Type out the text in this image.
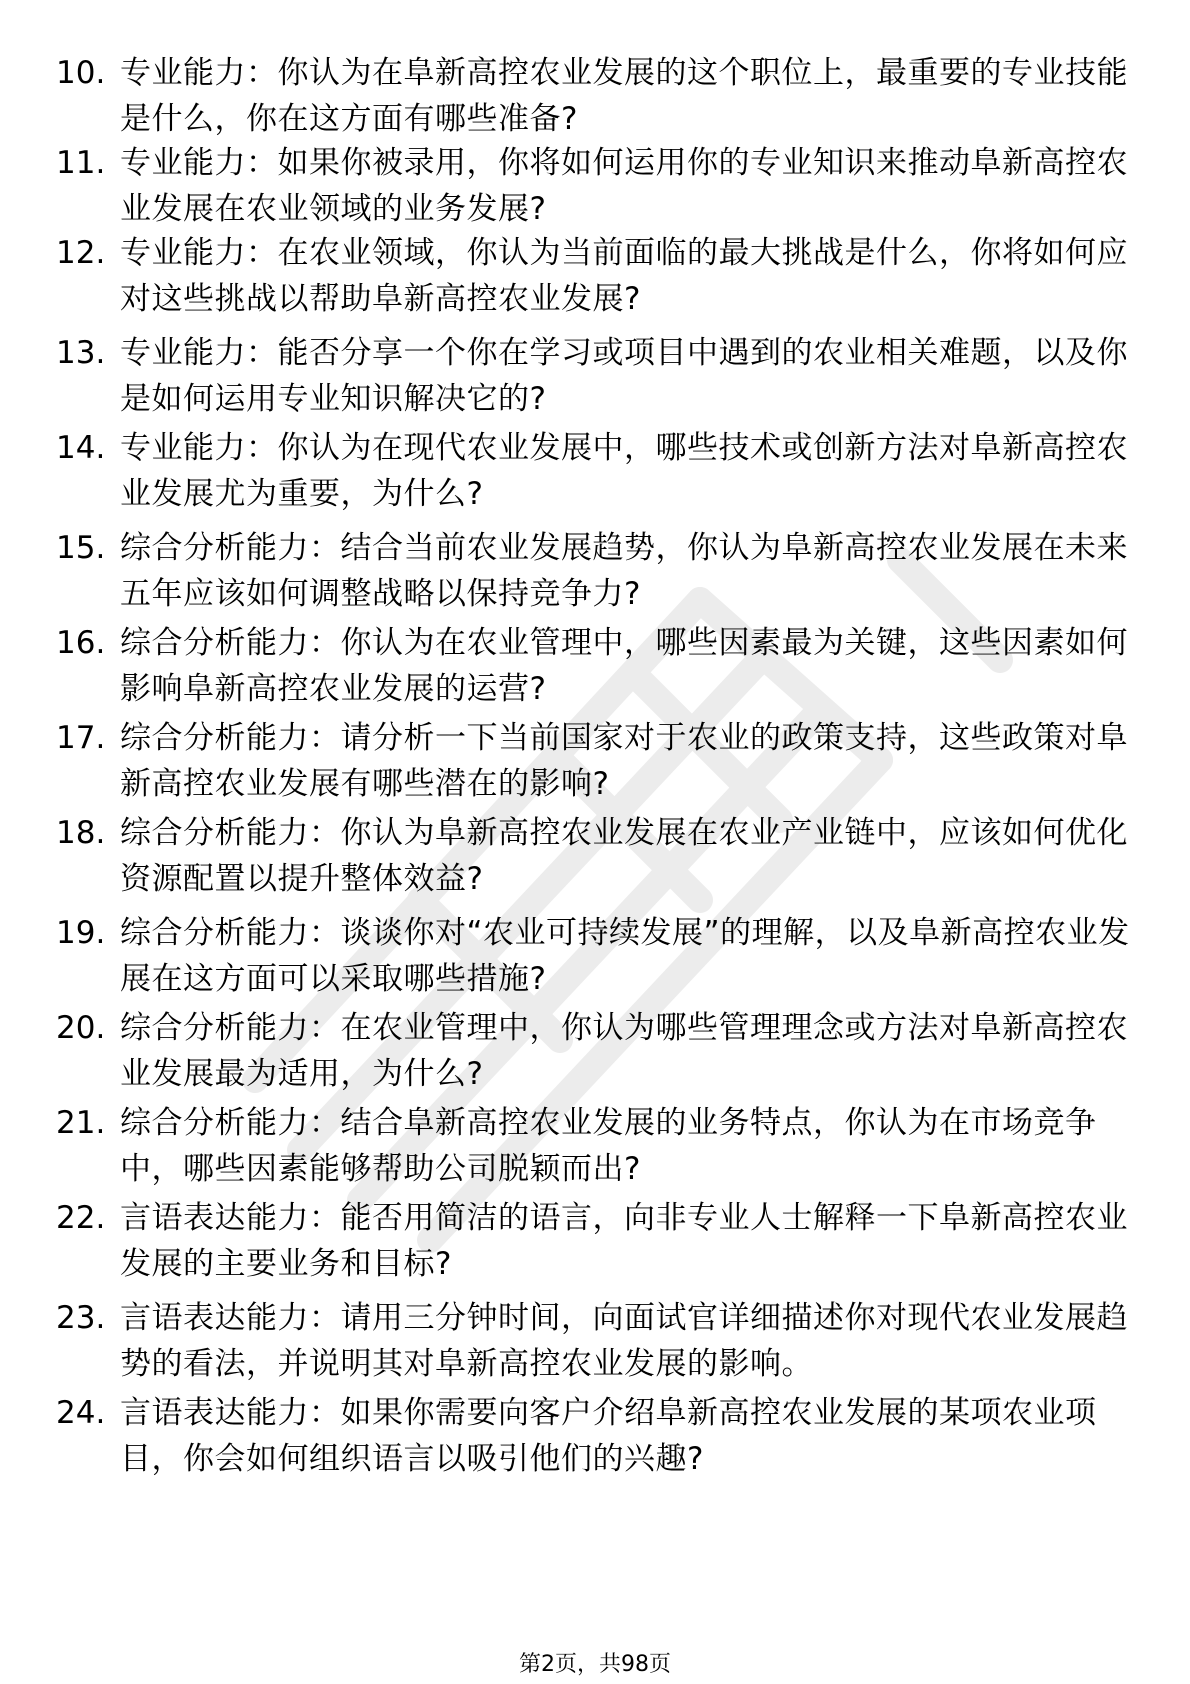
10. 专业能力：你认为在阜新高控农业发展的这个职位上，最重要的专业技能是什么，你在这方面有哪些准备?
11. 专业能力：如果你被录用，你将如何运用你的专业知识来推动阜新高控农业发展在农业领域的业务发展?
12. 专业能力：在农业领域，你认为当前面临的最大挑战是什么，你将如何应对这些挑战以帮助阜新高控农业发展?
13. 专业能力：能否分享一个你在学习或项目中遇到的农业相关难题，以及你是如何运用专业知识解决它的?
14. 专业能力：你认为在现代农业发展中，哪些技术或创新方法对阜新高控农业发展尤为重要，为什么?
15. 综合分析能力：结合当前农业发展趋势，你认为阜新高控农业发展在未来五年应该如何调整战略以保持竞争力?
16. 综合分析能力：你认为在农业管理中，哪些因素最为关键，这些因素如何影响阜新高控农业发展的运营?
17. 综合分析能力：请分析一下当前国家对于农业的政策支持，这些政策对阜新高控农业发展有哪些潜在的影响?
18. 综合分析能力：你认为阜新高控农业发展在农业产业链中，应该如何优化资源配置以提升整体效益?
19. 综合分析能力：谈谈你对“农业可持续发展”的理解，以及阜新高控农业发展在这方面可以采取哪些措施?
20. 综合分析能力：在农业管理中，你认为哪些管理理念或方法对阜新高控农业发展最为适用，为什么?
21. 综合分析能力：结合阜新高控农业发展的业务特点，你认为在市场竞争中，哪些因素能够帮助公司脱颖而出?
22. 言语表达能力：能否用简洁的语言，向非专业人士解释一下阜新高控农业发展的主要业务和目标?
23. 言语表达能力：请用三分钟时间，向面试官详细描述你对现代农业发展趋势的看法，并说明其对阜新高控农业发展的影响。
24. 言语表达能力：如果你需要向客户介绍阜新高控农业发展的某项农业项目，你会如何组织语言以吸引他们的兴趣?
第2页，共98页
